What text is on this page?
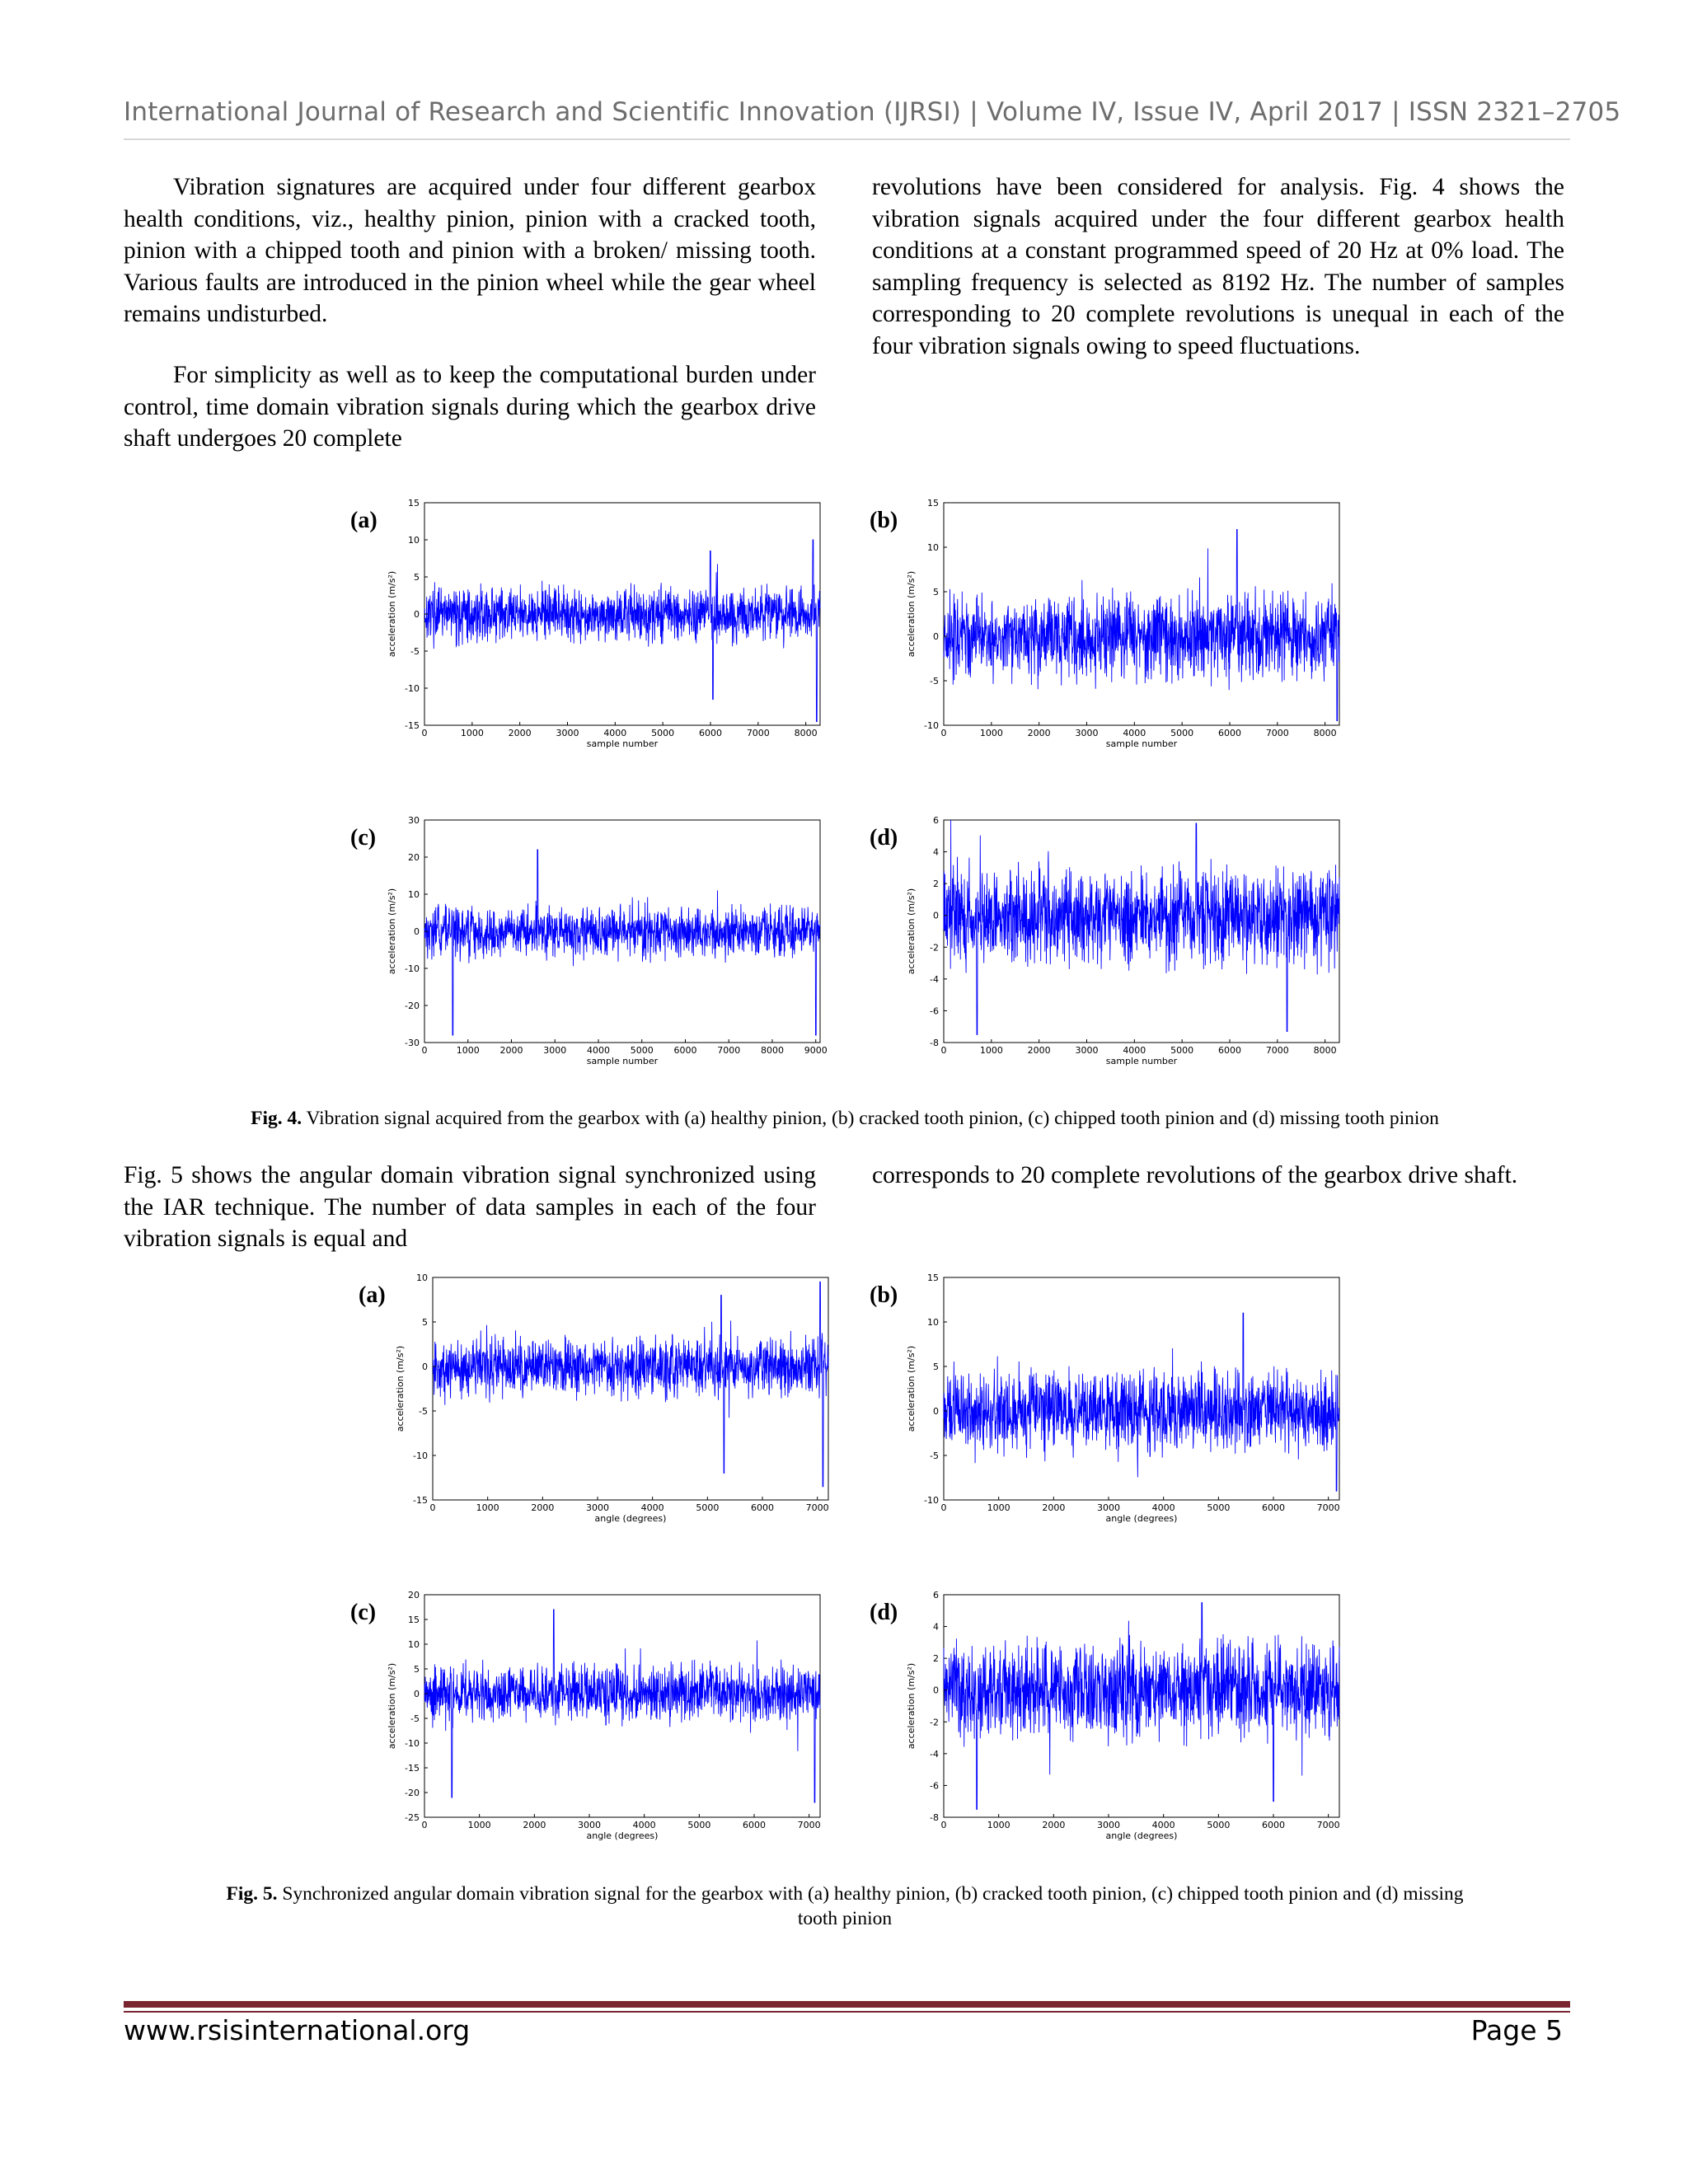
International Journal of Research and Scientific Innovation (IJRSI) | Volume IV, Issue IV, April 2017 | ISSN 2321–2705

Vibration signatures are acquired under four different gearbox health conditions, viz., healthy pinion, pinion with a cracked tooth, pinion with a chipped tooth and pinion with a broken/ missing tooth. Various faults are introduced in the pinion wheel while the gear wheel remains undisturbed.

For simplicity as well as to keep the computational burden under control, time domain vibration signals during which the gearbox drive shaft undergoes 20 complete

revolutions have been considered for analysis. Fig. 4 shows the vibration signals acquired under the four different gearbox health conditions at a constant programmed speed of 20 Hz at 0% load. The sampling frequency is selected as 8192 Hz. The number of samples corresponding to 20 complete revolutions is unequal in each of the four vibration signals owing to speed fluctuations.

(a)
0	1000	2000	3000	4000	5000	6000	7000	8000
-15
-10
-5
0
5
10
15
sample number
acceleration (m/s²)
(b)
0	1000	2000	3000	4000	5000	6000	7000	8000
-10
-5
0
5
10
15
sample number
acceleration (m/s²)
(c)
0	1000 2000 3000 4000 5000 6000 7000 8000 9000
-30
-20
-10
0
10
20
30
sample number
acceleration (m/s²)
(d)
0	1000	2000	3000	4000	5000	6000	7000	8000
-8
-6
-4
-2
0
2
4
6
sample number
acceleration (m/s²)
Fig. 4. Vibration signal acquired from the gearbox with (a) healthy pinion, (b) cracked tooth pinion, (c) chipped tooth pinion and (d) missing tooth pinion

Fig. 5 shows the angular domain vibration signal synchronized using the IAR technique. The number of data samples in each of the four vibration signals is equal and

corresponds to 20 complete revolutions of the gearbox drive shaft.

(a)
0	1000	2000	3000	4000	5000	6000	7000
-15
-10
-5
0
5
10
angle (degrees)
acceleration (m/s²)
(b)
0	1000	2000	3000	4000	5000	6000	7000
-10
-5
0
5
10
15
angle (degrees)
acceleration (m/s²)
(c)
0	1000	2000	3000	4000	5000	6000	7000
-25
-20
-15
-10
-5
0
5
10
15
20
angle (degrees)
acceleration (m/s²)
(d)
0	1000	2000	3000	4000	5000	6000	7000
-8
-6
-4
-2
0
2
4
6
angle (degrees)
acceleration (m/s²)
Fig. 5. Synchronized angular domain vibration signal for the gearbox with (a) healthy pinion, (b) cracked tooth pinion, (c) chipped tooth pinion and (d) missing
tooth pinion
www.rsisinternational.org	Page 5
